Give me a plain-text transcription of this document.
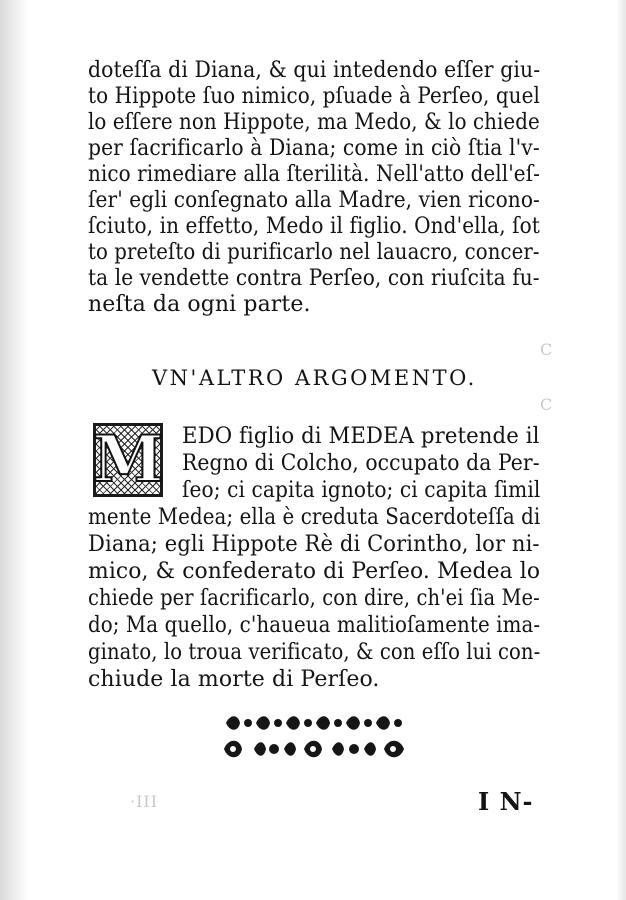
C
C
·III
doteſſa di Diana, & qui intedendo eſſer giu-
to Hippote ſuo nimico, pſuade à Perſeo, quel
lo eſſere non Hippote, ma Medo, & lo chiede
per ſacrificarlo à Diana; come in ciò ſtia l'v-
nico rimediare alla ſterilità. Nell'atto dell'eſ-
ſer' egli conſegnato alla Madre, vien ricono-
ſciuto, in effetto, Medo il figlio. Ond'ella, ſot
to preteſto di purificarlo nel lauacro, concer-
ta le vendette contra Perſeo, con riuſcita fu-
neſta da ogni parte.
VN'ALTRO ARGOMENTO.
M EDO figlio di MEDEA pretende il
Regno di Colcho, occupato da Per-
ſeo; ci capita ignoto; ci capita ſimil
mente Medea; ella è creduta Sacerdoteſſa di
Diana; egli Hippote Rè di Corintho, lor ni-
mico, & confederato di Perſeo. Medea lo
chiede per ſacrificarlo, con dire, ch'ei ſia Me-
do; Ma quello, c'haueua malitioſamente ima-
ginato, lo troua verificato, & con eſſo lui con-
chiude la morte di Perſeo.
I N-
